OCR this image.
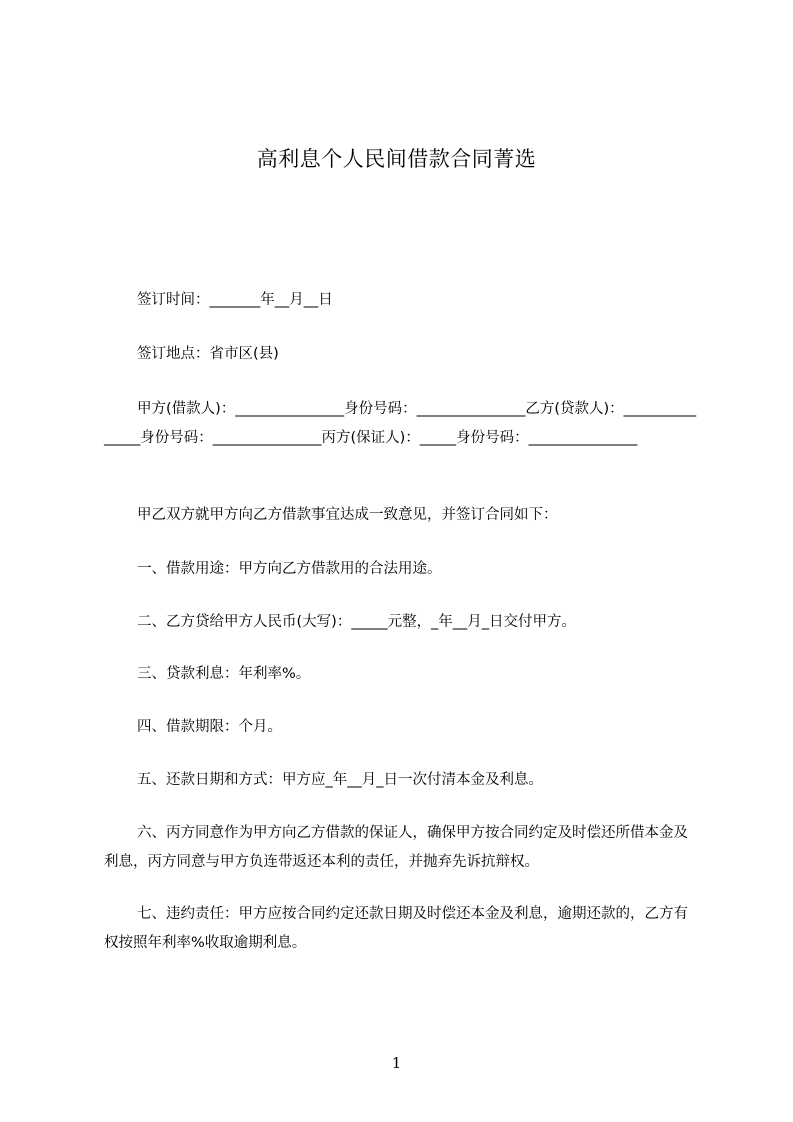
高利息个人民间借款合同菁选
签订时间：_______年__月__日
签订地点：省市区(县)
甲方(借款人)：_______________身份号码：_______________乙方(贷款人)：_______________身份号码：_______________丙方(保证人)：_____身份号码：_______________
甲乙双方就甲方向乙方借款事宜达成一致意见，并签订合同如下：
一、借款用途：甲方向乙方借款用的合法用途。
二、乙方贷给甲方人民币(大写)：_____元整，_年__月_日交付甲方。
三、贷款利息：年利率%。
四、借款期限：个月。
五、还款日期和方式：甲方应_年__月_日一次付清本金及利息。
六、丙方同意作为甲方向乙方借款的保证人，确保甲方按合同约定及时偿还所借本金及利息，丙方同意与甲方负连带返还本利的责任，并抛弃先诉抗辩权。
七、违约责任：甲方应按合同约定还款日期及时偿还本金及利息，逾期还款的，乙方有权按照年利率%收取逾期利息。
1
